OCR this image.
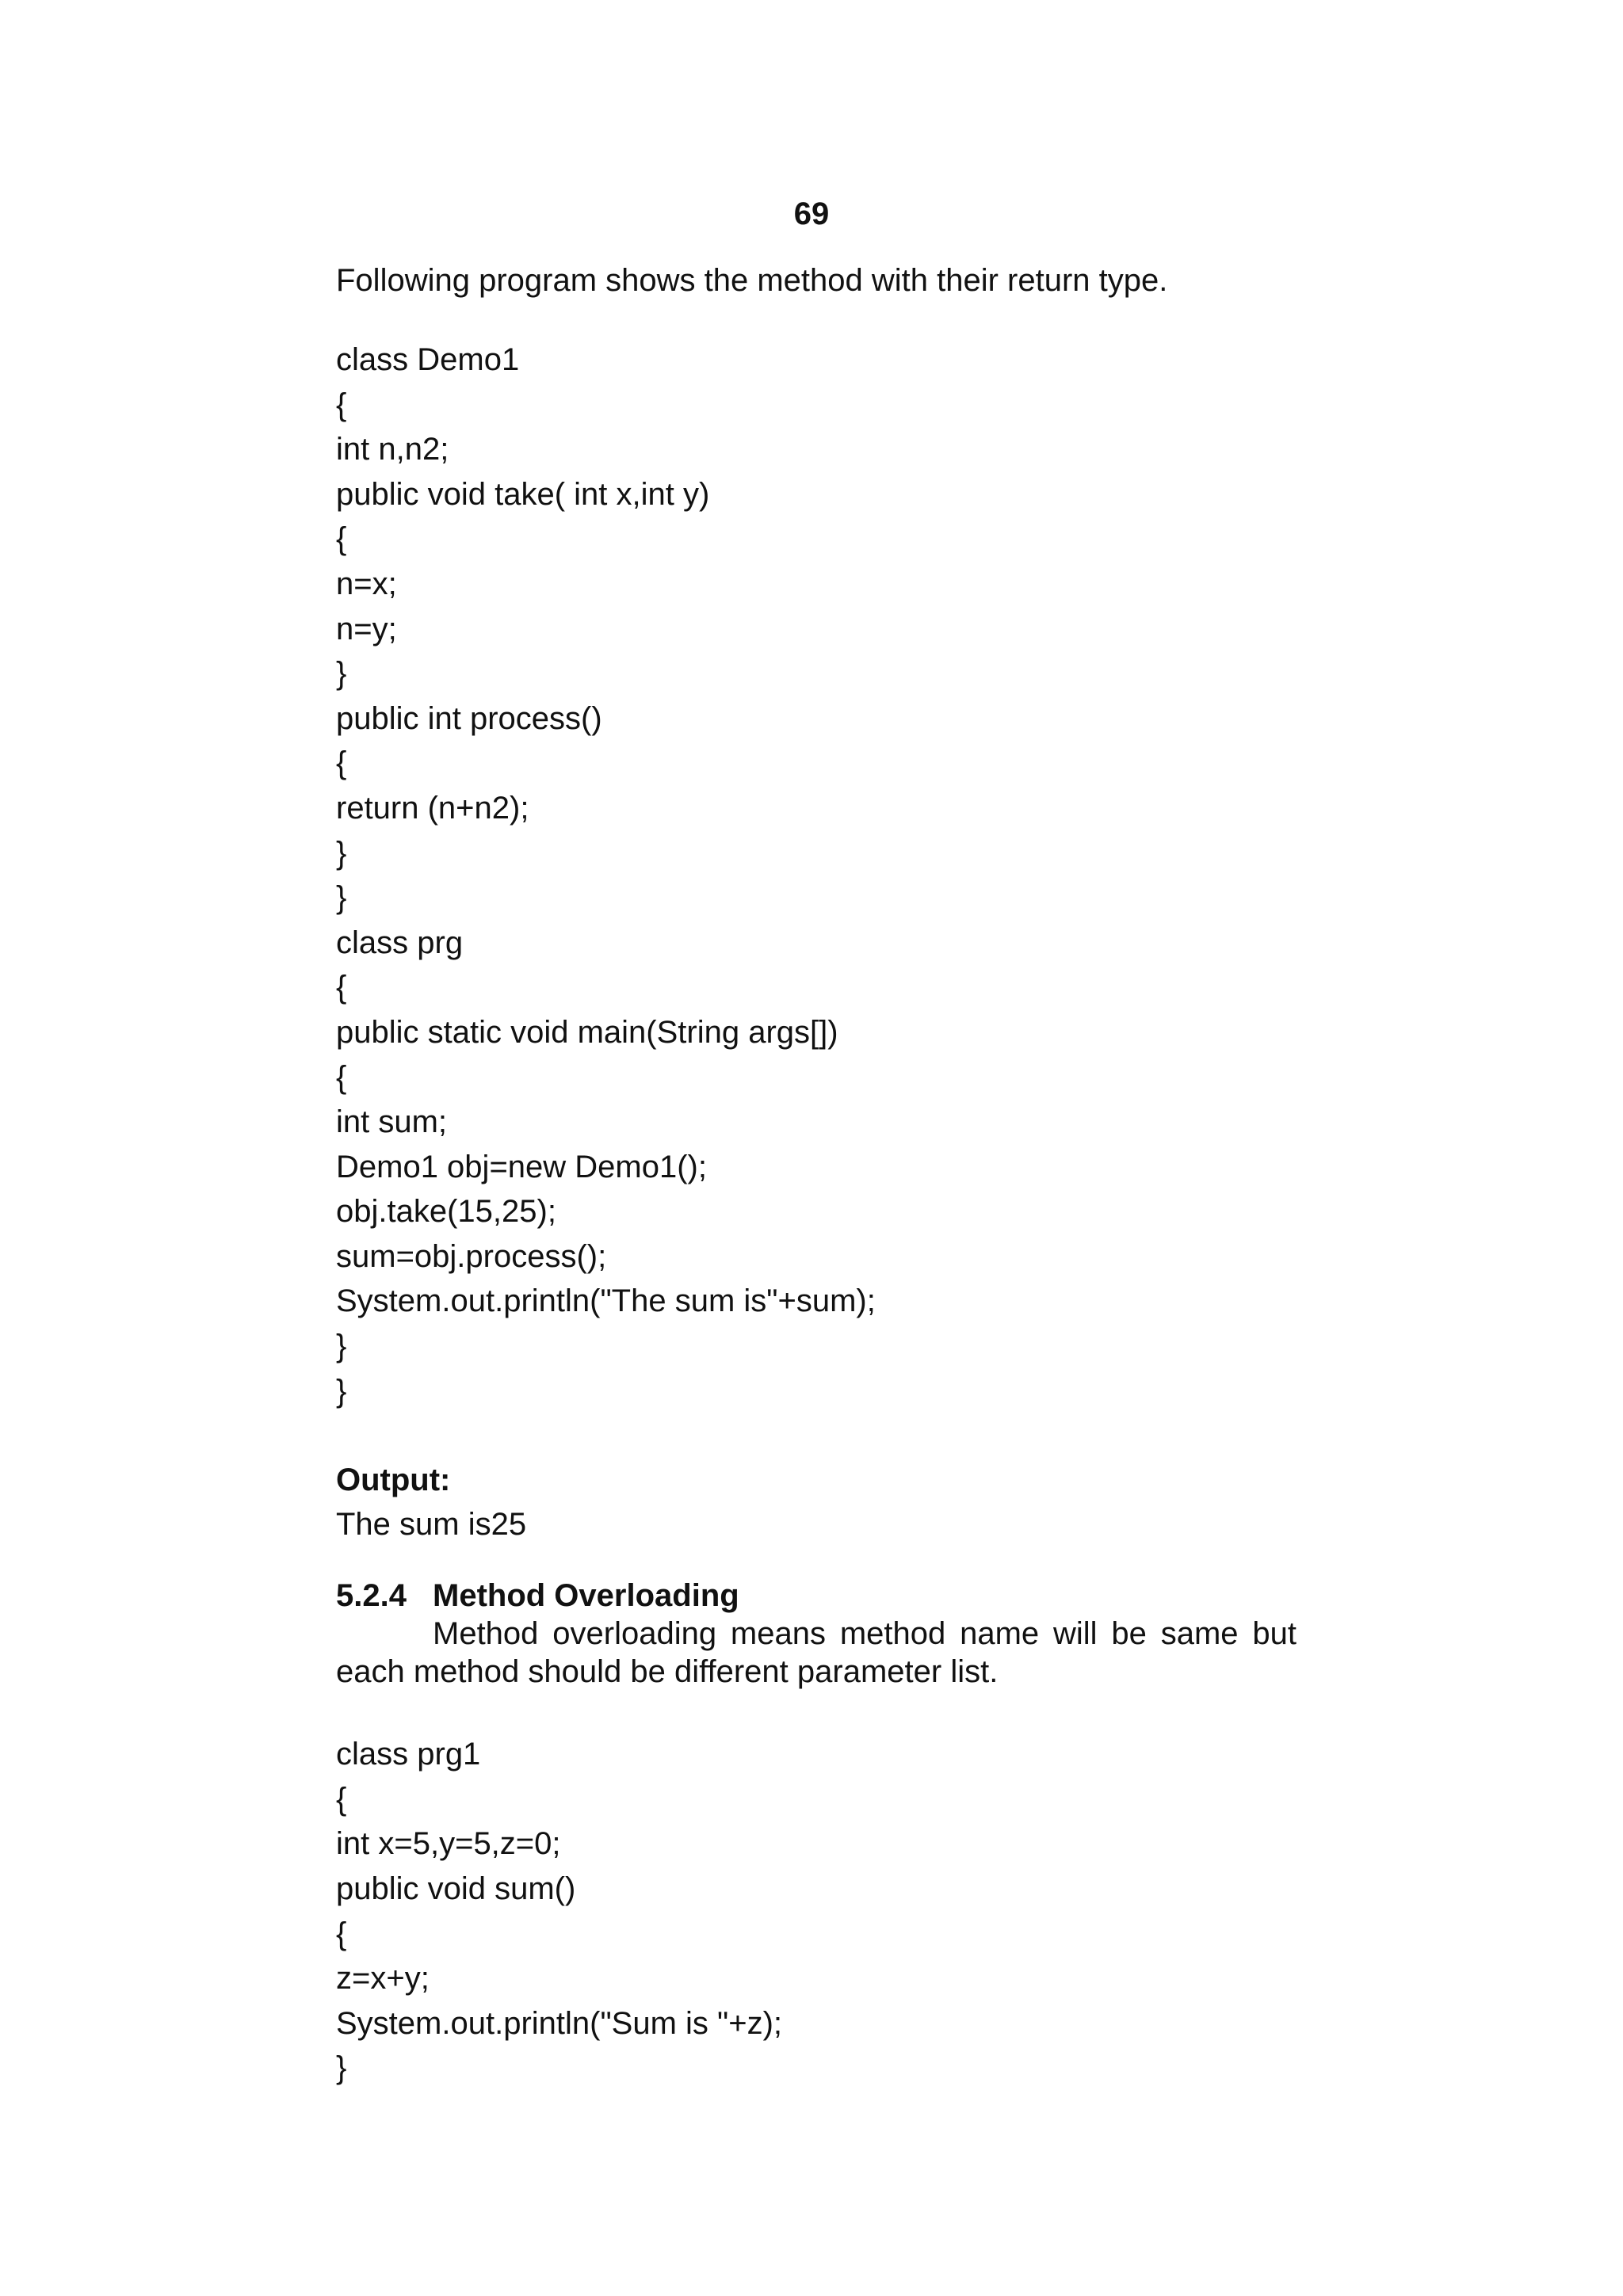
69

Following program shows the method with their return type.

class Demo1
{
int n,n2;
public void take( int x,int y)
{
n=x;
n=y;
}
public int process()
{
return (n+n2);
}
}
class prg
{
public static void main(String args[])
{
int sum;
Demo1 obj=new Demo1();
obj.take(15,25);
sum=obj.process();
System.out.println("The sum is"+sum);
}
}
Output:
The sum is25
5.2.4 Method Overloading

Method overloading means method name will be same but each method should be different parameter list.

class prg1
{
int x=5,y=5,z=0;
public void sum()
{
z=x+y;
System.out.println("Sum is "+z);
}
